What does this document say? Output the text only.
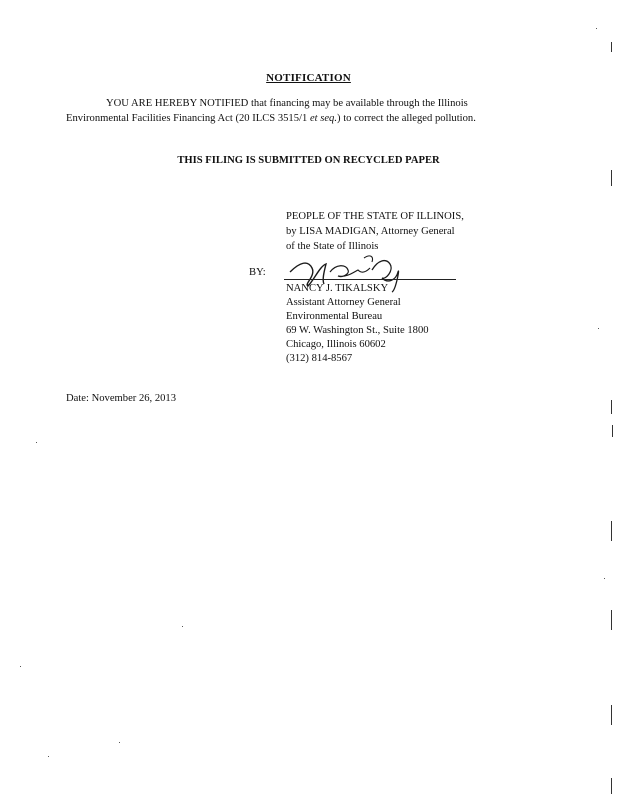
NOTIFICATION
YOU ARE HEREBY NOTIFIED that financing may be available through the Illinois
Environmental Facilities Financing Act (20 ILCS 3515/1 et seq.) to correct the alleged pollution.
THIS FILING IS SUBMITTED ON RECYCLED PAPER
PEOPLE OF THE STATE OF ILLINOIS,
by LISA MADIGAN, Attorney General
of the State of Illinois
BY:
NANCY J. TIKALSKY
Assistant Attorney General
Environmental Bureau
69 W. Washington St., Suite 1800
Chicago, Illinois 60602
(312) 814-8567
Date: November 26, 2013
